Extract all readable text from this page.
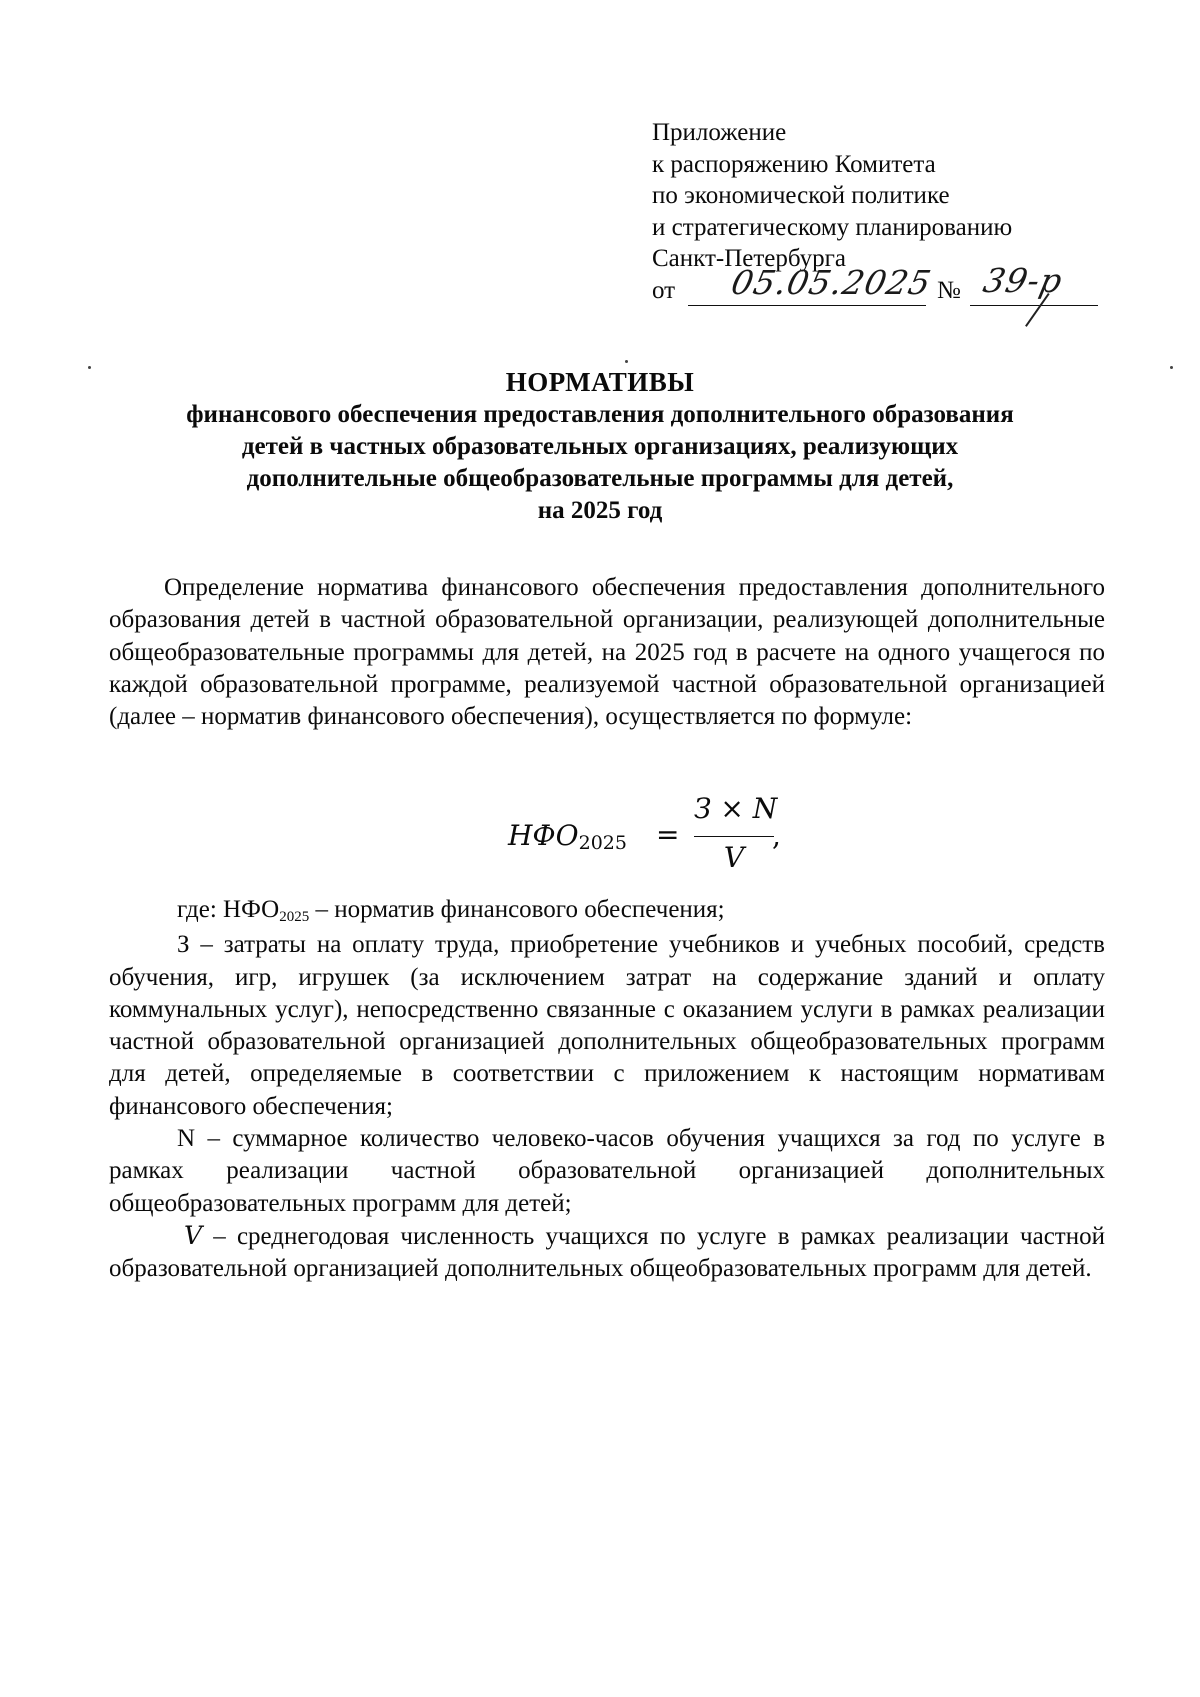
Приложение
к распоряжению Комитета
по экономической политике
и стратегическому планированию
Санкт-Петербурга
от 05.05.2025 № 39-р
НОРМАТИВЫ
финансового обеспечения предоставления дополнительного образования
детей в частных образовательных организациях, реализующих
дополнительные общеобразовательные программы для детей,
на 2025 год

Определение норматива финансового обеспечения предоставления дополнительного образования детей в частной образовательной организации, реализующей дополнительные общеобразовательные программы для детей, на 2025 год в расчете на одного учащегося по каждой образовательной программе, реализуемой частной образовательной организацией (далее – норматив финансового обеспечения), осуществляется по формуле:

$НФО_{2025}$ =
З × N
V
,

где: $НФО_{2025}$ – норматив финансового обеспечения;

З – затраты на оплату труда, приобретение учебников и учебных пособий, средств обучения, игр, игрушек (за исключением затрат на содержание зданий и оплату коммунальных услуг), непосредственно связанные с оказанием услуги в рамках реализации частной образовательной организацией дополнительных общеобразовательных программ для детей, определяемые в соответствии с приложением к настоящим нормативам финансового обеспечения;

N – суммарное количество человеко-часов обучения учащихся за год по услуге в рамках реализации частной образовательной организацией дополнительных общеобразовательных программ для детей;

V – среднегодовая численность учащихся по услуге в рамках реализации частной образовательной организацией дополнительных общеобразовательных программ для детей.
